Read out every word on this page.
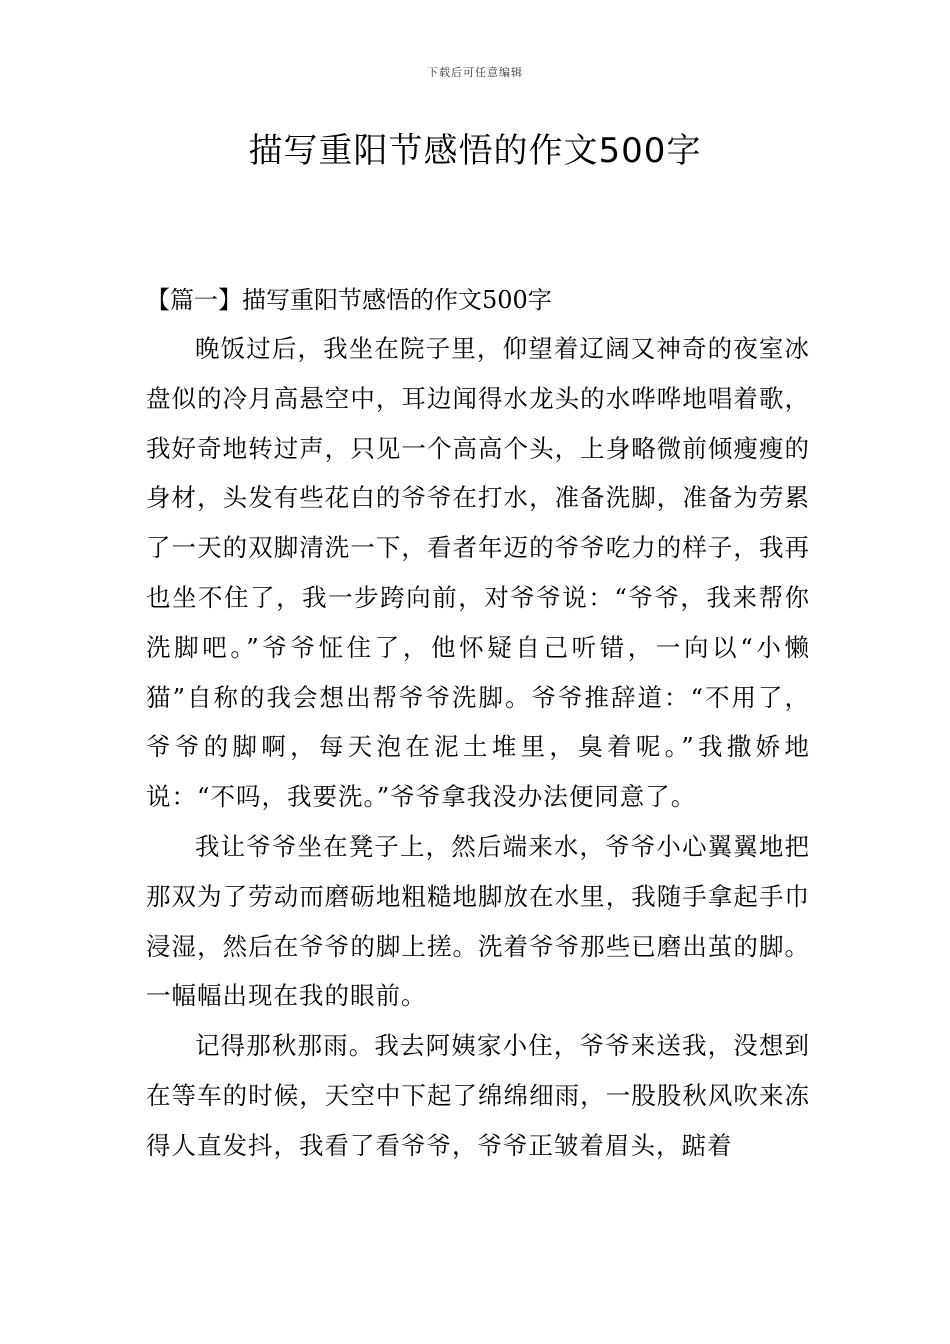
下载后可任意编辑
描写重阳节感悟的作文500字
【篇一】描写重阳节感悟的作文500字

晚饭过后，我坐在院子里，仰望着辽阔又神奇的夜室冰盘似的冷月高悬空中，耳边闻得水龙头的水哗哗地唱着歌，我好奇地转过声，只见一个高高个头，上身略微前倾瘦瘦的身材，头发有些花白的爷爷在打水，准备洗脚，准备为劳累了一天的双脚清洗一下，看者年迈的爷爷吃力的样子，我再也坐不住了，我一步跨向前，对爷爷说：“爷爷，我来帮你洗脚吧。”爷爷怔住了，他怀疑自己听错，一向以“小懒猫”自称的我会想出帮爷爷洗脚。爷爷推辞道：“不用了，爷爷的脚啊，每天泡在泥土堆里，臭着呢。”我撒娇地说：“不吗，我要洗。”爷爷拿我没办法便同意了。

我让爷爷坐在凳子上，然后端来水，爷爷小心翼翼地把那双为了劳动而磨砺地粗糙地脚放在水里，我随手拿起手巾浸湿，然后在爷爷的脚上搓。洗着爷爷那些已磨出茧的脚。一幅幅出现在我的眼前。

记得那秋那雨。我去阿姨家小住，爷爷来送我，没想到在等车的时候，天空中下起了绵绵细雨，一股股秋风吹来冻得人直发抖，我看了看爷爷，爷爷正皱着眉头，踮着
